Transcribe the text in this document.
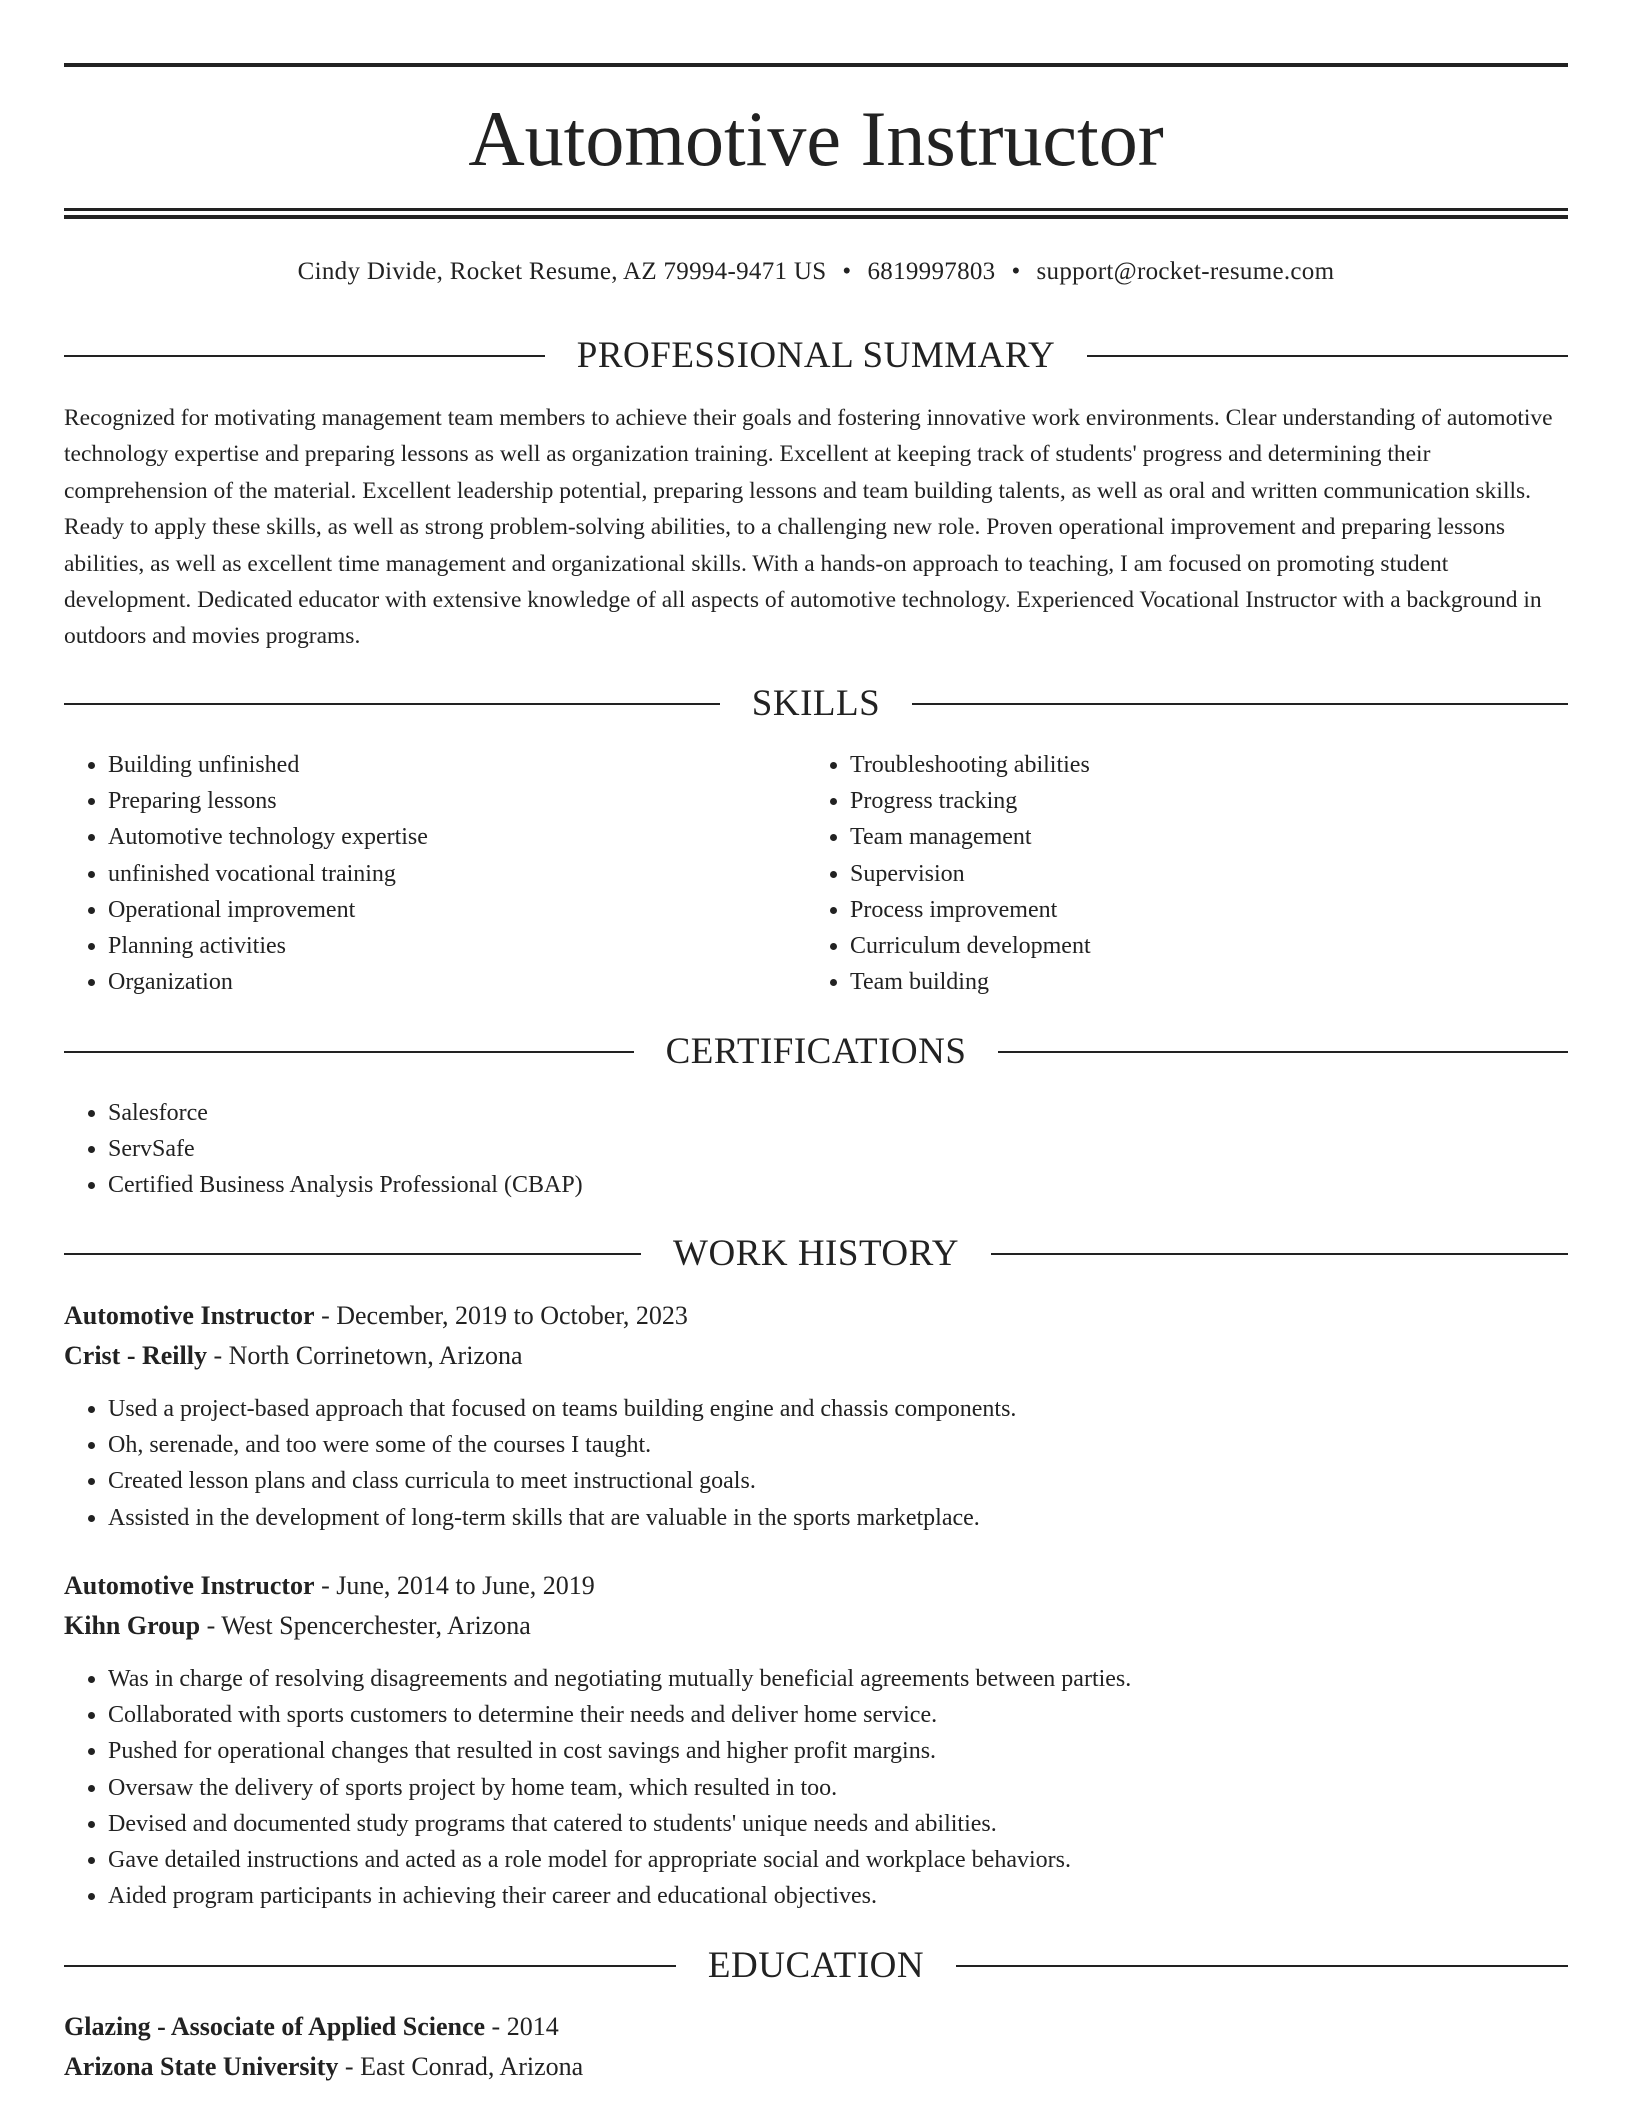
Automotive Instructor
Cindy Divide, Rocket Resume, AZ 79994-9471 US • 6819997803 • support@rocket-resume.com
PROFESSIONAL SUMMARY

Recognized for motivating management team members to achieve their goals and fostering innovative work environments. Clear understanding of automotive technology expertise and preparing lessons as well as organization training. Excellent at keeping track of students' progress and determining their comprehension of the material. Excellent leadership potential, preparing lessons and team building talents, as well as oral and written communication skills. Ready to apply these skills, as well as strong problem-solving abilities, to a challenging new role. Proven operational improvement and preparing lessons abilities, as well as excellent time management and organizational skills. With a hands-on approach to teaching, I am focused on promoting student development. Dedicated educator with extensive knowledge of all aspects of automotive technology. Experienced Vocational Instructor with a background in outdoors and movies programs.

SKILLS
• Building unfinished
• Preparing lessons
• Automotive technology expertise
• unfinished vocational training
• Operational improvement
• Planning activities
• Organization
• Troubleshooting abilities
• Progress tracking
• Team management
• Supervision
• Process improvement
• Curriculum development
• Team building
CERTIFICATIONS
• Salesforce
• ServSafe
• Certified Business Analysis Professional (CBAP)
WORK HISTORY

Automotive Instructor - December, 2019 to October, 2023

Crist - Reilly - North Corrinetown, Arizona

• Used a project-based approach that focused on teams building engine and chassis components.
• Oh, serenade, and too were some of the courses I taught.
• Created lesson plans and class curricula to meet instructional goals.
• Assisted in the development of long-term skills that are valuable in the sports marketplace.

Automotive Instructor - June, 2014 to June, 2019

Kihn Group - West Spencerchester, Arizona

• Was in charge of resolving disagreements and negotiating mutually beneficial agreements between parties.
• Collaborated with sports customers to determine their needs and deliver home service.
• Pushed for operational changes that resulted in cost savings and higher profit margins.
• Oversaw the delivery of sports project by home team, which resulted in too.
• Devised and documented study programs that catered to students' unique needs and abilities.
• Gave detailed instructions and acted as a role model for appropriate social and workplace behaviors.
• Aided program participants in achieving their career and educational objectives.
EDUCATION

Glazing - Associate of Applied Science - 2014

Arizona State University - East Conrad, Arizona
